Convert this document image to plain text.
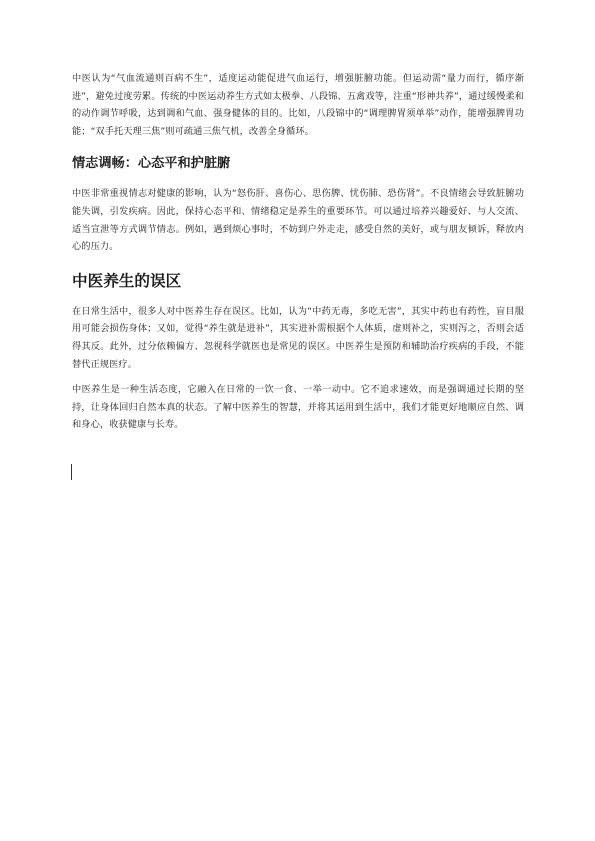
中医认为“气血流通则百病不生”，适度运动能促进气血运行，增强脏腑功能。但运动需“量力而行，循序渐进”，避免过度劳累。传统的中医运动养生方式如太极拳、八段锦、五禽戏等，注重“形神共养”，通过缓慢柔和的动作调节呼吸，达到调和气血、强身健体的目的。比如，八段锦中的“调理脾胃须单举”动作，能增强脾胃功能；“双手托天理三焦”则可疏通三焦气机，改善全身循环。

情志调畅：心态平和护脏腑

中医非常重视情志对健康的影响，认为“怒伤肝、喜伤心、思伤脾、忧伤肺、恐伤肾”。不良情绪会导致脏腑功能失调，引发疾病。因此，保持心态平和、情绪稳定是养生的重要环节。可以通过培养兴趣爱好、与人交流、适当宣泄等方式调节情志。例如，遇到烦心事时，不妨到户外走走，感受自然的美好，或与朋友倾诉，释放内心的压力。

中医养生的误区

在日常生活中，很多人对中医养生存在误区。比如，认为“中药无毒，多吃无害”，其实中药也有药性，盲目服用可能会损伤身体；又如，觉得“养生就是进补”，其实进补需根据个人体质，虚则补之，实则泻之，否则会适得其反。此外，过分依赖偏方、忽视科学就医也是常见的误区。中医养生是预防和辅助治疗疾病的手段，不能替代正规医疗。

中医养生是一种生活态度，它融入在日常的一饮一食、一举一动中。它不追求速效，而是强调通过长期的坚持，让身体回归自然本真的状态。了解中医养生的智慧，并将其运用到生活中，我们才能更好地顺应自然、调和身心，收获健康与长寿。
